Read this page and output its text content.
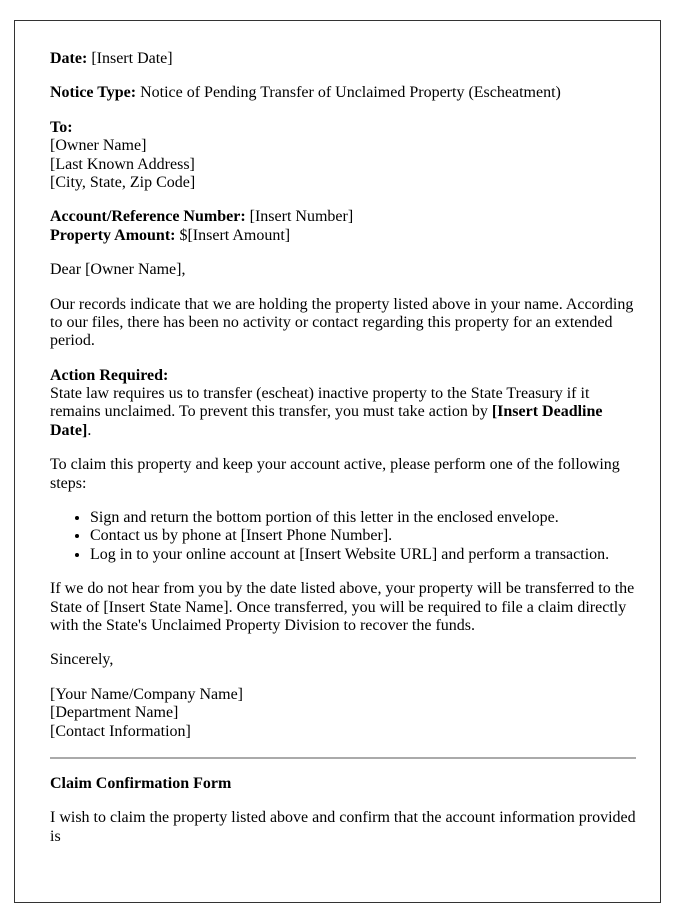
Date: [Insert Date]

Notice Type: Notice of Pending Transfer of Unclaimed Property (Escheatment)

To:
[Owner Name]
[Last Known Address]
[City, State, Zip Code]

Account/Reference Number: [Insert Number]
Property Amount: $[Insert Amount]

Dear [Owner Name],

Our records indicate that we are holding the property listed above in your name. According to our files, there has been no activity or contact regarding this property for an extended period.

Action Required:
State law requires us to transfer (escheat) inactive property to the State Treasury if it remains unclaimed. To prevent this transfer, you must take action by [Insert Deadline Date].

To claim this property and keep your account active, please perform one of the following steps:

• Sign and return the bottom portion of this letter in the enclosed envelope.
• Contact us by phone at [Insert Phone Number].
• Log in to your online account at [Insert Website URL] and perform a transaction.

If we do not hear from you by the date listed above, your property will be transferred to the State of [Insert State Name]. Once transferred, you will be required to file a claim directly with the State's Unclaimed Property Division to recover the funds.

Sincerely,

[Your Name/Company Name]
[Department Name]
[Contact Information]

Claim Confirmation Form

I wish to claim the property listed above and confirm that the account information provided is
